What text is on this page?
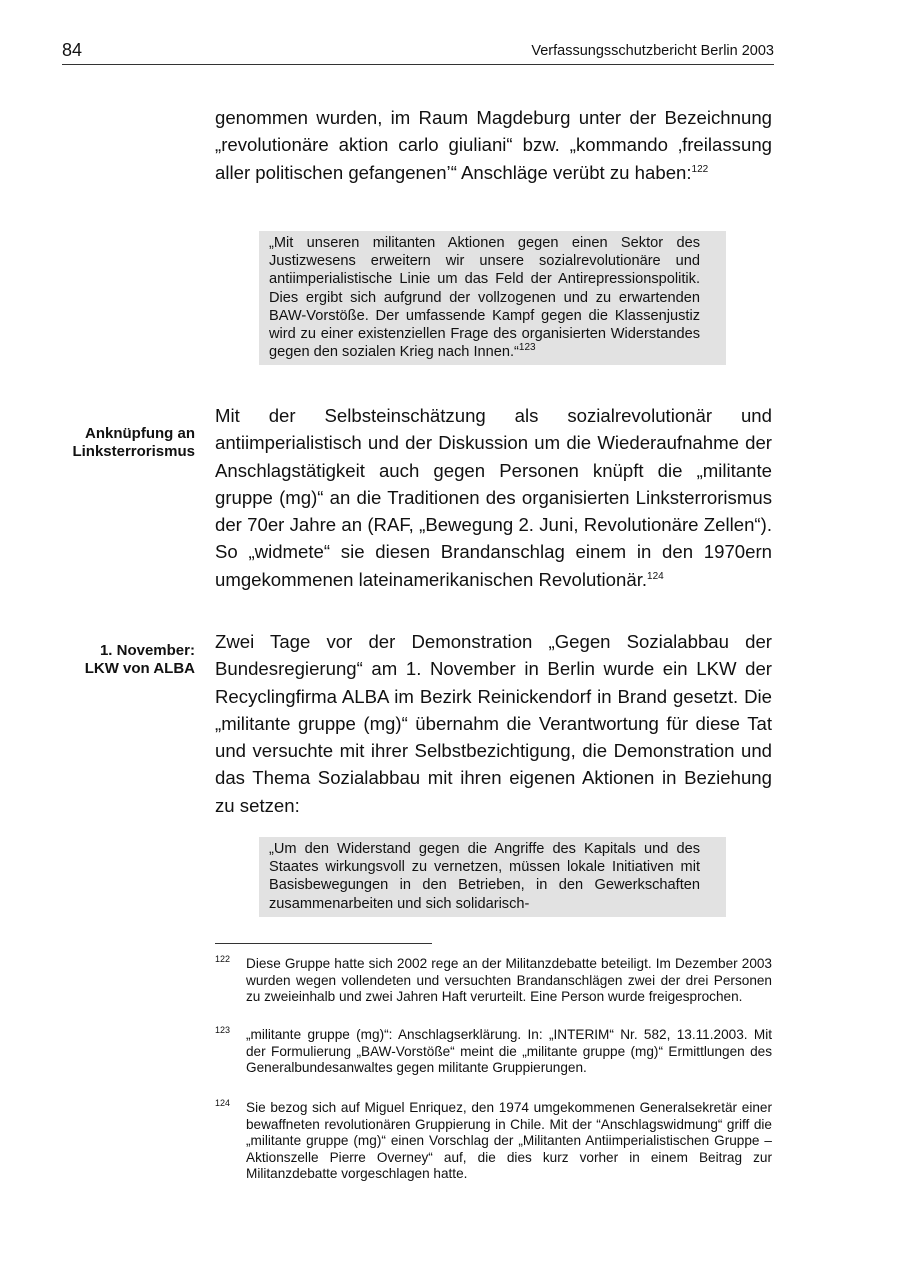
84	Verfassungsschutzbericht Berlin 2003

genommen wurden, im Raum Magdeburg unter der Bezeichnung „revolutionäre aktion carlo giuliani“ bzw. „kommando ‚freilassung aller politischen gefangenen’“ Anschläge verübt zu haben:$^{122}$

„Mit unseren militanten Aktionen gegen einen Sektor des Justizwesens erweitern wir unsere sozialrevolutionäre und antiimperialistische Linie um das Feld der Antirepressionspolitik. Dies ergibt sich aufgrund der vollzogenen und zu erwartenden BAW-Vorstöße. Der umfassende Kampf gegen die Klassenjustiz wird zu einer existenziellen Frage des organisierten Widerstandes gegen den sozialen Krieg nach Innen.“$^{123}$
Anknüpfung an
Linksterrorismus

Mit der Selbsteinschätzung als sozialrevolutionär und antiimperialistisch und der Diskussion um die Wiederaufnahme der Anschlagstätigkeit auch gegen Personen knüpft die „militante gruppe (mg)“ an die Traditionen des organisierten Linksterrorismus der 70er Jahre an (RAF, „Bewegung 2. Juni, Revolutionäre Zellen“). So „widmete“ sie diesen Brandanschlag einem in den 1970ern umgekommenen lateinamerikanischen Revolutionär.$^{124}$

1. November:
LKW von ALBA

Zwei Tage vor der Demonstration „Gegen Sozialabbau der Bundesregierung“ am 1. November in Berlin wurde ein LKW der Recyclingfirma ALBA im Bezirk Reinickendorf in Brand gesetzt. Die „militante gruppe (mg)“ übernahm die Verantwortung für diese Tat und versuchte mit ihrer Selbstbezichtigung, die Demonstration und das Thema Sozialabbau mit ihren eigenen Aktionen in Beziehung zu setzen:

„Um den Widerstand gegen die Angriffe des Kapitals und des Staates wirkungsvoll zu vernetzen, müssen lokale Initiativen mit Basisbewegungen in den Betrieben, in den Gewerkschaften zusammenarbeiten und sich solidarisch-
122 Diese Gruppe hatte sich 2002 rege an der Militanzdebatte beteiligt. Im Dezember 2003 wurden wegen vollendeten und versuchten Brandanschlägen zwei der drei Personen zu zweieinhalb und zwei Jahren Haft verurteilt. Eine Person wurde freigesprochen.

123 „militante gruppe (mg)“: Anschlagserklärung. In: „INTERIM“ Nr. 582, 13.11.2003. Mit der Formulierung „BAW-Vorstöße“ meint die „militante gruppe (mg)“ Ermittlungen des Generalbundesanwaltes gegen militante Gruppierungen.

124 Sie bezog sich auf Miguel Enriquez, den 1974 umgekommenen Generalsekretär einer bewaffneten revolutionären Gruppierung in Chile. Mit der “Anschlagswidmung“ griff die „militante gruppe (mg)“ einen Vorschlag der „Militanten Antiimperialistischen Gruppe – Aktionszelle Pierre Overney“ auf, die dies kurz vorher in einem Beitrag zur Militanzdebatte vorgeschlagen hatte.
